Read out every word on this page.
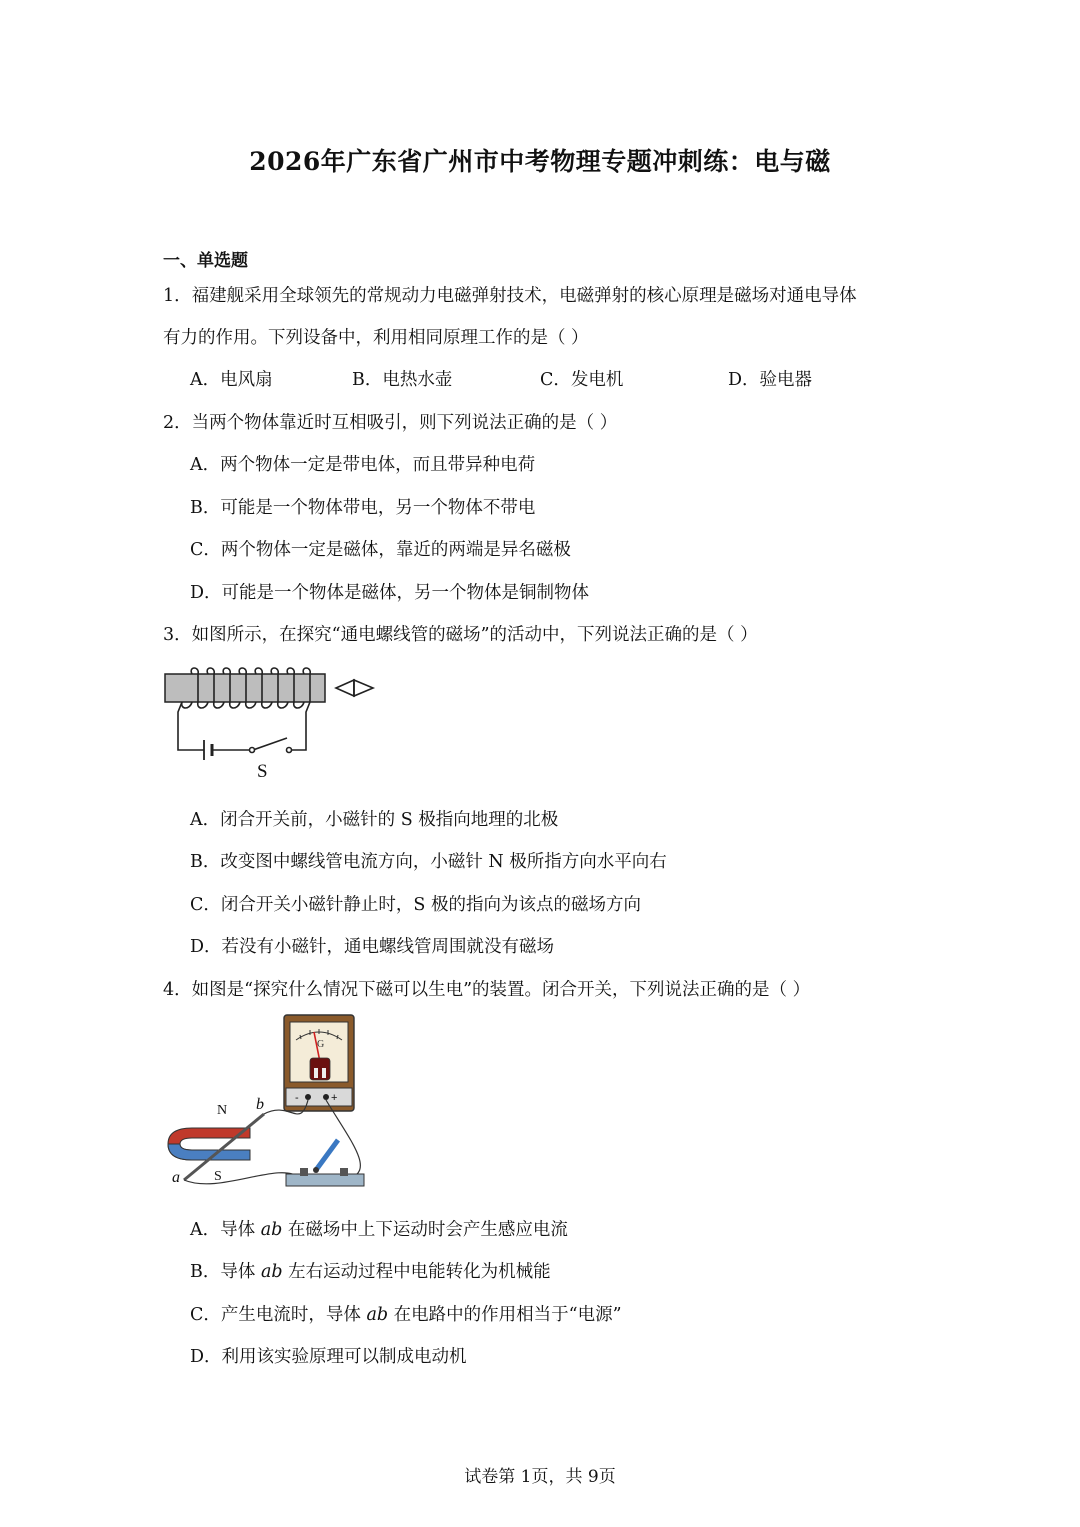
2026年广东省广州市中考物理专题冲刺练：电与磁
一、单选题
1．福建舰采用全球领先的常规动力电磁弹射技术，电磁弹射的核心原理是磁场对通电导体
有力的作用。下列设备中，利用相同原理工作的是（ ）
A．电风扇	B．电热水壶	C．发电机	D．验电器
2．当两个物体靠近时互相吸引，则下列说法正确的是（ ）
A．两个物体一定是带电体，而且带异种电荷
B．可能是一个物体带电，另一个物体不带电
C．两个物体一定是磁体，靠近的两端是异名磁极
D．可能是一个物体是磁体，另一个物体是铜制物体
3．如图所示，在探究“通电螺线管的磁场”的活动中，下列说法正确的是（ ）
S
A．闭合开关前，小磁针的 S 极指向地理的北极
B．改变图中螺线管电流方向，小磁针 N 极所指方向水平向右
C．闭合开关小磁针静止时，S 极的指向为该点的磁场方向
D．若没有小磁针，通电螺线管周围就没有磁场
4．如图是“探究什么情况下磁可以生电”的装置。闭合开关，下列说法正确的是（ ）
G
-	+
N
S
a
b
A．导体 ab 在磁场中上下运动时会产生感应电流
B．导体 ab 左右运动过程中电能转化为机械能
C．产生电流时，导体 ab 在电路中的作用相当于“电源”
D．利用该实验原理可以制成电动机
试卷第 1页，共 9页
